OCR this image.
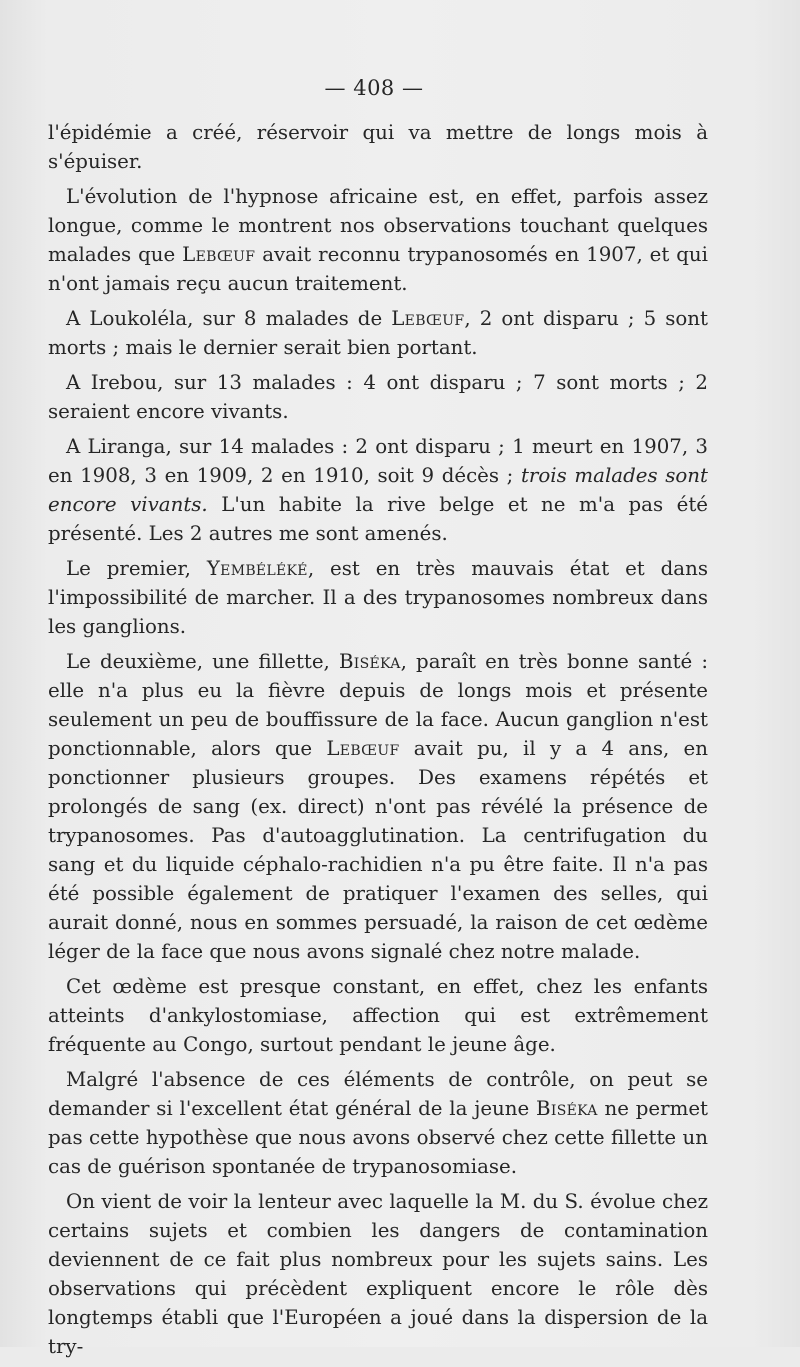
— 408 —

l'épidémie a créé, réservoir qui va mettre de longs mois à s'épuiser.

L'évolution de l'hypnose africaine est, en effet, parfois assez longue, comme le montrent nos observations touchant quelques malades que Lebœuf avait reconnu trypanosomés en 1907, et qui n'ont jamais reçu aucun traitement.

A Loukoléla, sur 8 malades de Lebœuf, 2 ont disparu ; 5 sont morts ; mais le dernier serait bien portant.

A Irebou, sur 13 malades : 4 ont disparu ; 7 sont morts ; 2 seraient encore vivants.

A Liranga, sur 14 malades : 2 ont disparu ; 1 meurt en 1907, 3 en 1908, 3 en 1909, 2 en 1910, soit 9 décès ; trois malades sont encore vivants. L'un habite la rive belge et ne m'a pas été présenté. Les 2 autres me sont amenés.

Le premier, Yembéléké, est en très mauvais état et dans l'impossibilité de marcher. Il a des trypanosomes nombreux dans les ganglions.

Le deuxième, une fillette, Biséka, paraît en très bonne santé : elle n'a plus eu la fièvre depuis de longs mois et présente seulement un peu de bouffissure de la face. Aucun ganglion n'est ponctionnable, alors que Lebœuf avait pu, il y a 4 ans, en ponctionner plusieurs groupes. Des examens répétés et prolongés de sang (ex. direct) n'ont pas révélé la présence de trypanosomes. Pas d'autoagglutination. La centrifugation du sang et du liquide céphalo-rachidien n'a pu être faite. Il n'a pas été possible également de pratiquer l'examen des selles, qui aurait donné, nous en sommes persuadé, la raison de cet œdème léger de la face que nous avons signalé chez notre malade.

Cet œdème est presque constant, en effet, chez les enfants atteints d'ankylostomiase, affection qui est extrêmement fréquente au Congo, surtout pendant le jeune âge.

Malgré l'absence de ces éléments de contrôle, on peut se demander si l'excellent état général de la jeune Biséka ne permet pas cette hypothèse que nous avons observé chez cette fillette un cas de guérison spontanée de trypanosomiase.

On vient de voir la lenteur avec laquelle la M. du S. évolue chez certains sujets et combien les dangers de contamination deviennent de ce fait plus nombreux pour les sujets sains. Les observations qui précèdent expliquent encore le rôle dès longtemps établi que l'Européen a joué dans la dispersion de la try-
